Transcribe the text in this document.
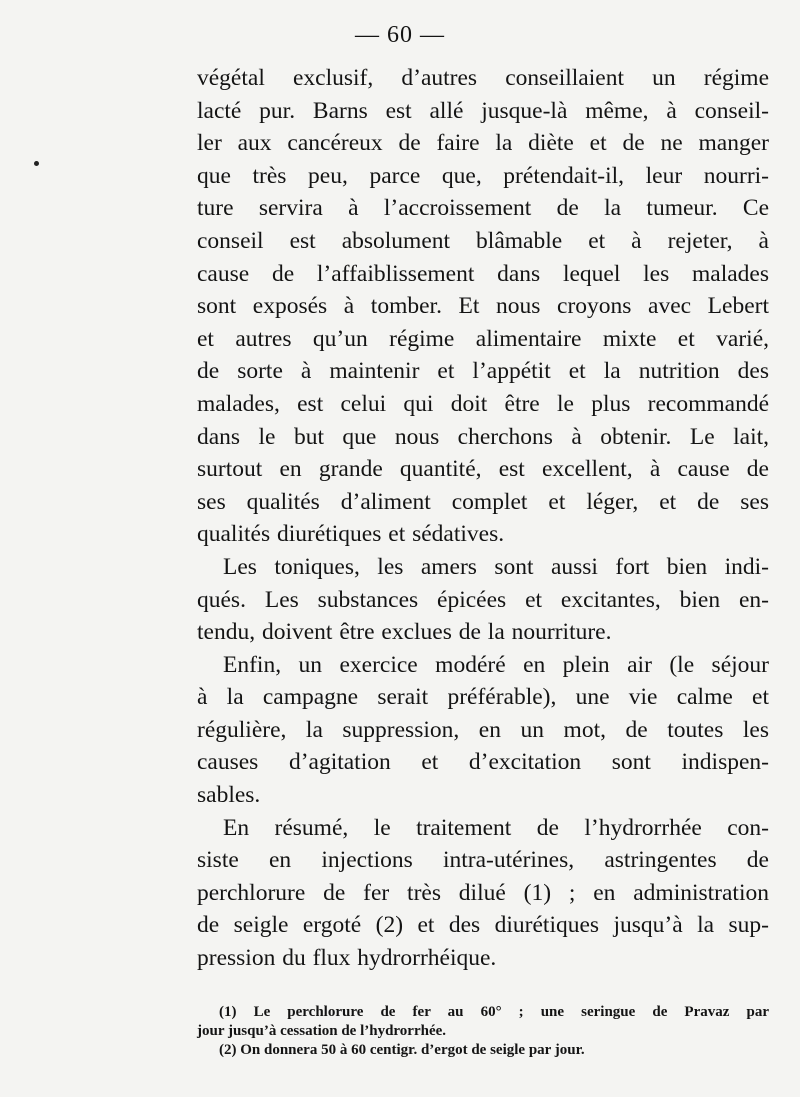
— 60 —
végétal exclusif, d’autres conseillaient un régime
lacté pur. Barns est allé jusque-là même, à conseil-
ler aux cancéreux de faire la diète et de ne manger
que très peu, parce que, prétendait-il, leur nourri-
ture servira à l’accroissement de la tumeur. Ce
conseil est absolument blâmable et à rejeter, à
cause de l’affaiblissement dans lequel les malades
sont exposés à tomber. Et nous croyons avec Lebert
et autres qu’un régime alimentaire mixte et varié,
de sorte à maintenir et l’appétit et la nutrition des
malades, est celui qui doit être le plus recommandé
dans le but que nous cherchons à obtenir. Le lait,
surtout en grande quantité, est excellent, à cause de
ses qualités d’aliment complet et léger, et de ses
qualités diurétiques et sédatives.
Les toniques, les amers sont aussi fort bien indi-
qués. Les substances épicées et excitantes, bien en-
tendu, doivent être exclues de la nourriture.
Enfin, un exercice modéré en plein air (le séjour
à la campagne serait préférable), une vie calme et
régulière, la suppression, en un mot, de toutes les
causes d’agitation et d’excitation sont indispen-
sables.
En résumé, le traitement de l’hydrorrhée con-
siste en injections intra-utérines, astringentes de
perchlorure de fer très dilué (1) ; en administration
de seigle ergoté (2) et des diurétiques jusqu’à la sup-
pression du flux hydrorrhéique.
(1) Le perchlorure de fer au 60° ; une seringue de Pravaz par
jour jusqu’à cessation de l’hydrorrhée.
(2) On donnera 50 à 60 centigr. d’ergot de seigle par jour.
